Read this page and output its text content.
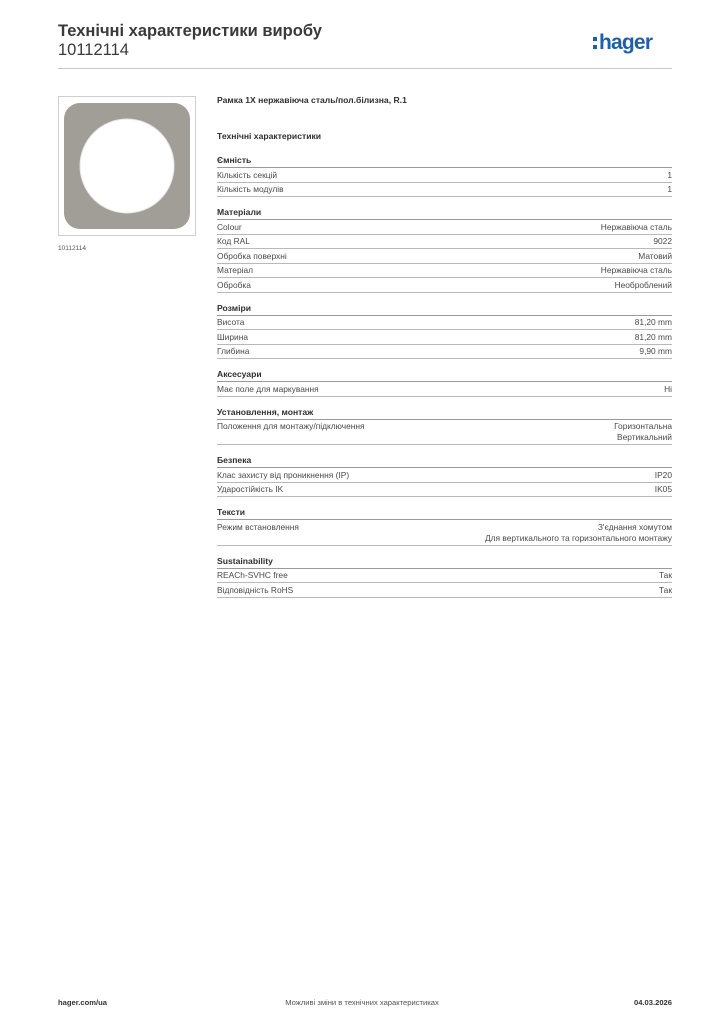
Технічні характеристики виробу
10112114	hager
10112114
Рамка 1X нержавіюча сталь/пол.білизна, R.1
Технічні характеристики
Ємність
Кількість секцій	1
Кількість модулів	1
Матеріали
Colour	Нержавіюча сталь
Код RAL	9022
Обробка поверхні	Матовий
Матеріал	Нержавіюча сталь
Обробка	Необроблений
Розміри
Висота	81,20 mm
Ширина	81,20 mm
Глибина	9,90 mm
Аксесуари
Має поле для маркування	Ні
Установлення, монтаж
Положення для монтажу/підключення	Горизонтальна
Вертикальний
Безпека
Клас захисту від проникнення (IP)	IP20
Ударостійкість IK	IK05
Тексти
Режим встановлення	З'єднання хомутом
Для вертикального та горизонтального монтажу
Sustainability
REACh-SVHC free	Так
Відповідність RoHS	Так
hager.com/ua	Можливі зміни в технічних характеристиках	04.03.2026
